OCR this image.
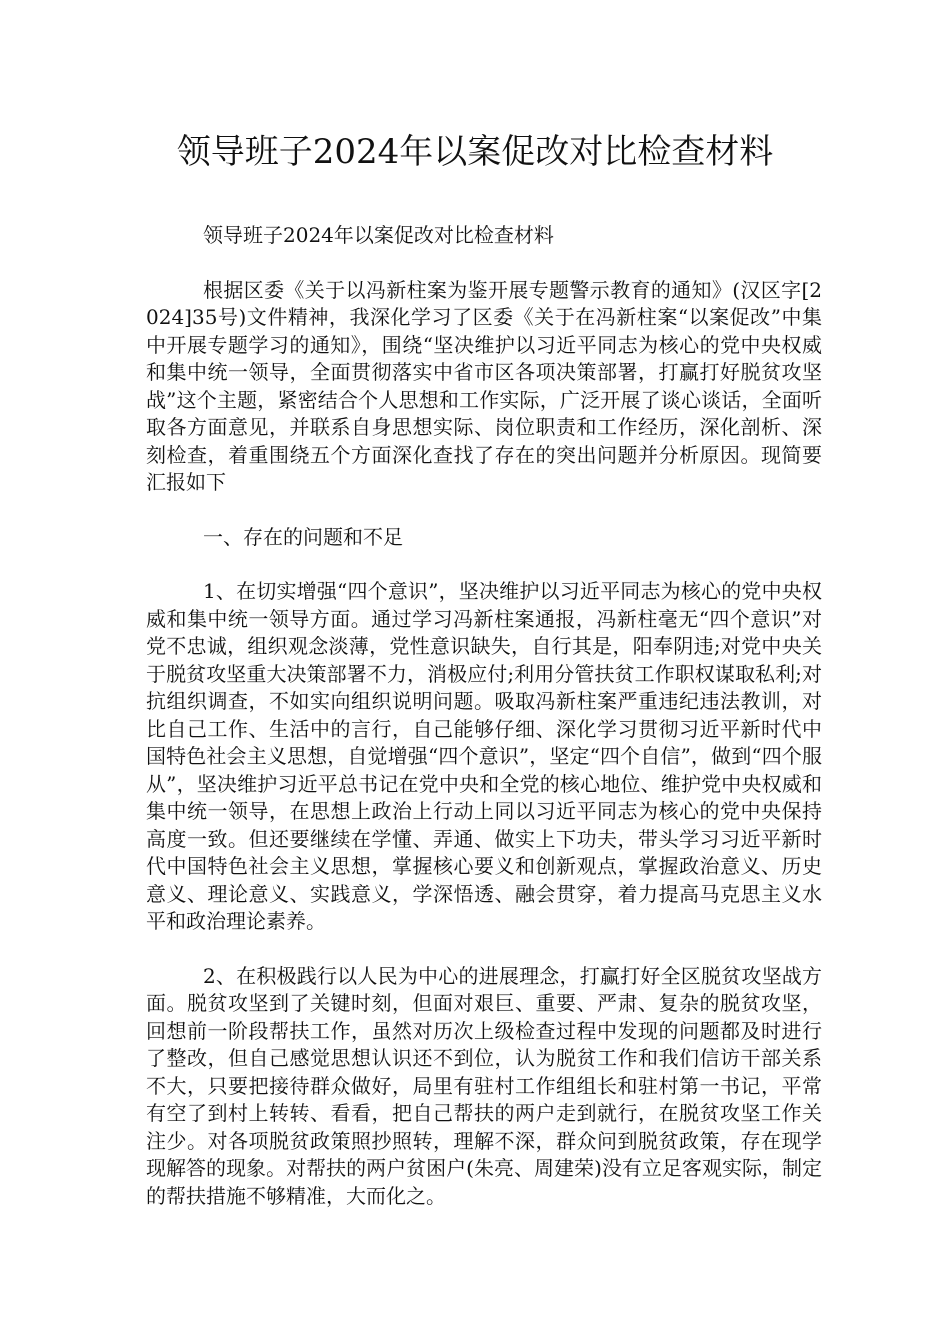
领导班子2024年以案促改对比检查材料

领导班子2024年以案促改对比检查材料

根据区委《关于以冯新柱案为鉴开展专题警示教育的通知》(汉区字[2024]35号)文件精神，我深化学习了区委《关于在冯新柱案“以案促改”中集中开展专题学习的通知》，围绕“坚决维护以习近平同志为核心的党中央权威和集中统一领导，全面贯彻落实中省市区各项决策部署，打赢打好脱贫攻坚战”这个主题，紧密结合个人思想和工作实际，广泛开展了谈心谈话，全面听取各方面意见，并联系自身思想实际、岗位职责和工作经历，深化剖析、深刻检查，着重围绕五个方面深化查找了存在的突出问题并分析原因。现简要汇报如下

一、存在的问题和不足

1、在切实增强“四个意识”，坚决维护以习近平同志为核心的党中央权威和集中统一领导方面。通过学习冯新柱案通报，冯新柱毫无“四个意识”对党不忠诚，组织观念淡薄，党性意识缺失，自行其是，阳奉阴违;对党中央关于脱贫攻坚重大决策部署不力，消极应付;利用分管扶贫工作职权谋取私利;对抗组织调查，不如实向组织说明问题。吸取冯新柱案严重违纪违法教训，对比自己工作、生活中的言行，自己能够仔细、深化学习贯彻习近平新时代中国特色社会主义思想，自觉增强“四个意识”，坚定“四个自信”，做到“四个服从”，坚决维护习近平总书记在党中央和全党的核心地位、维护党中央权威和集中统一领导，在思想上政治上行动上同以习近平同志为核心的党中央保持高度一致。但还要继续在学懂、弄通、做实上下功夫，带头学习习近平新时代中国特色社会主义思想，掌握核心要义和创新观点，掌握政治意义、历史意义、理论意义、实践意义，学深悟透、融会贯穿，着力提高马克思主义水平和政治理论素养。

2、在积极践行以人民为中心的进展理念，打赢打好全区脱贫攻坚战方面。脱贫攻坚到了关键时刻，但面对艰巨、重要、严肃、复杂的脱贫攻坚，回想前一阶段帮扶工作，虽然对历次上级检查过程中发现的问题都及时进行了整改，但自己感觉思想认识还不到位，认为脱贫工作和我们信访干部关系不大，只要把接待群众做好，局里有驻村工作组组长和驻村第一书记，平常有空了到村上转转、看看，把自己帮扶的两户走到就行，在脱贫攻坚工作关注少。对各项脱贫政策照抄照转，理解不深，群众问到脱贫政策，存在现学现解答的现象。对帮扶的两户贫困户(朱亮、周建荣)没有立足客观实际，制定的帮扶措施不够精准，大而化之。
